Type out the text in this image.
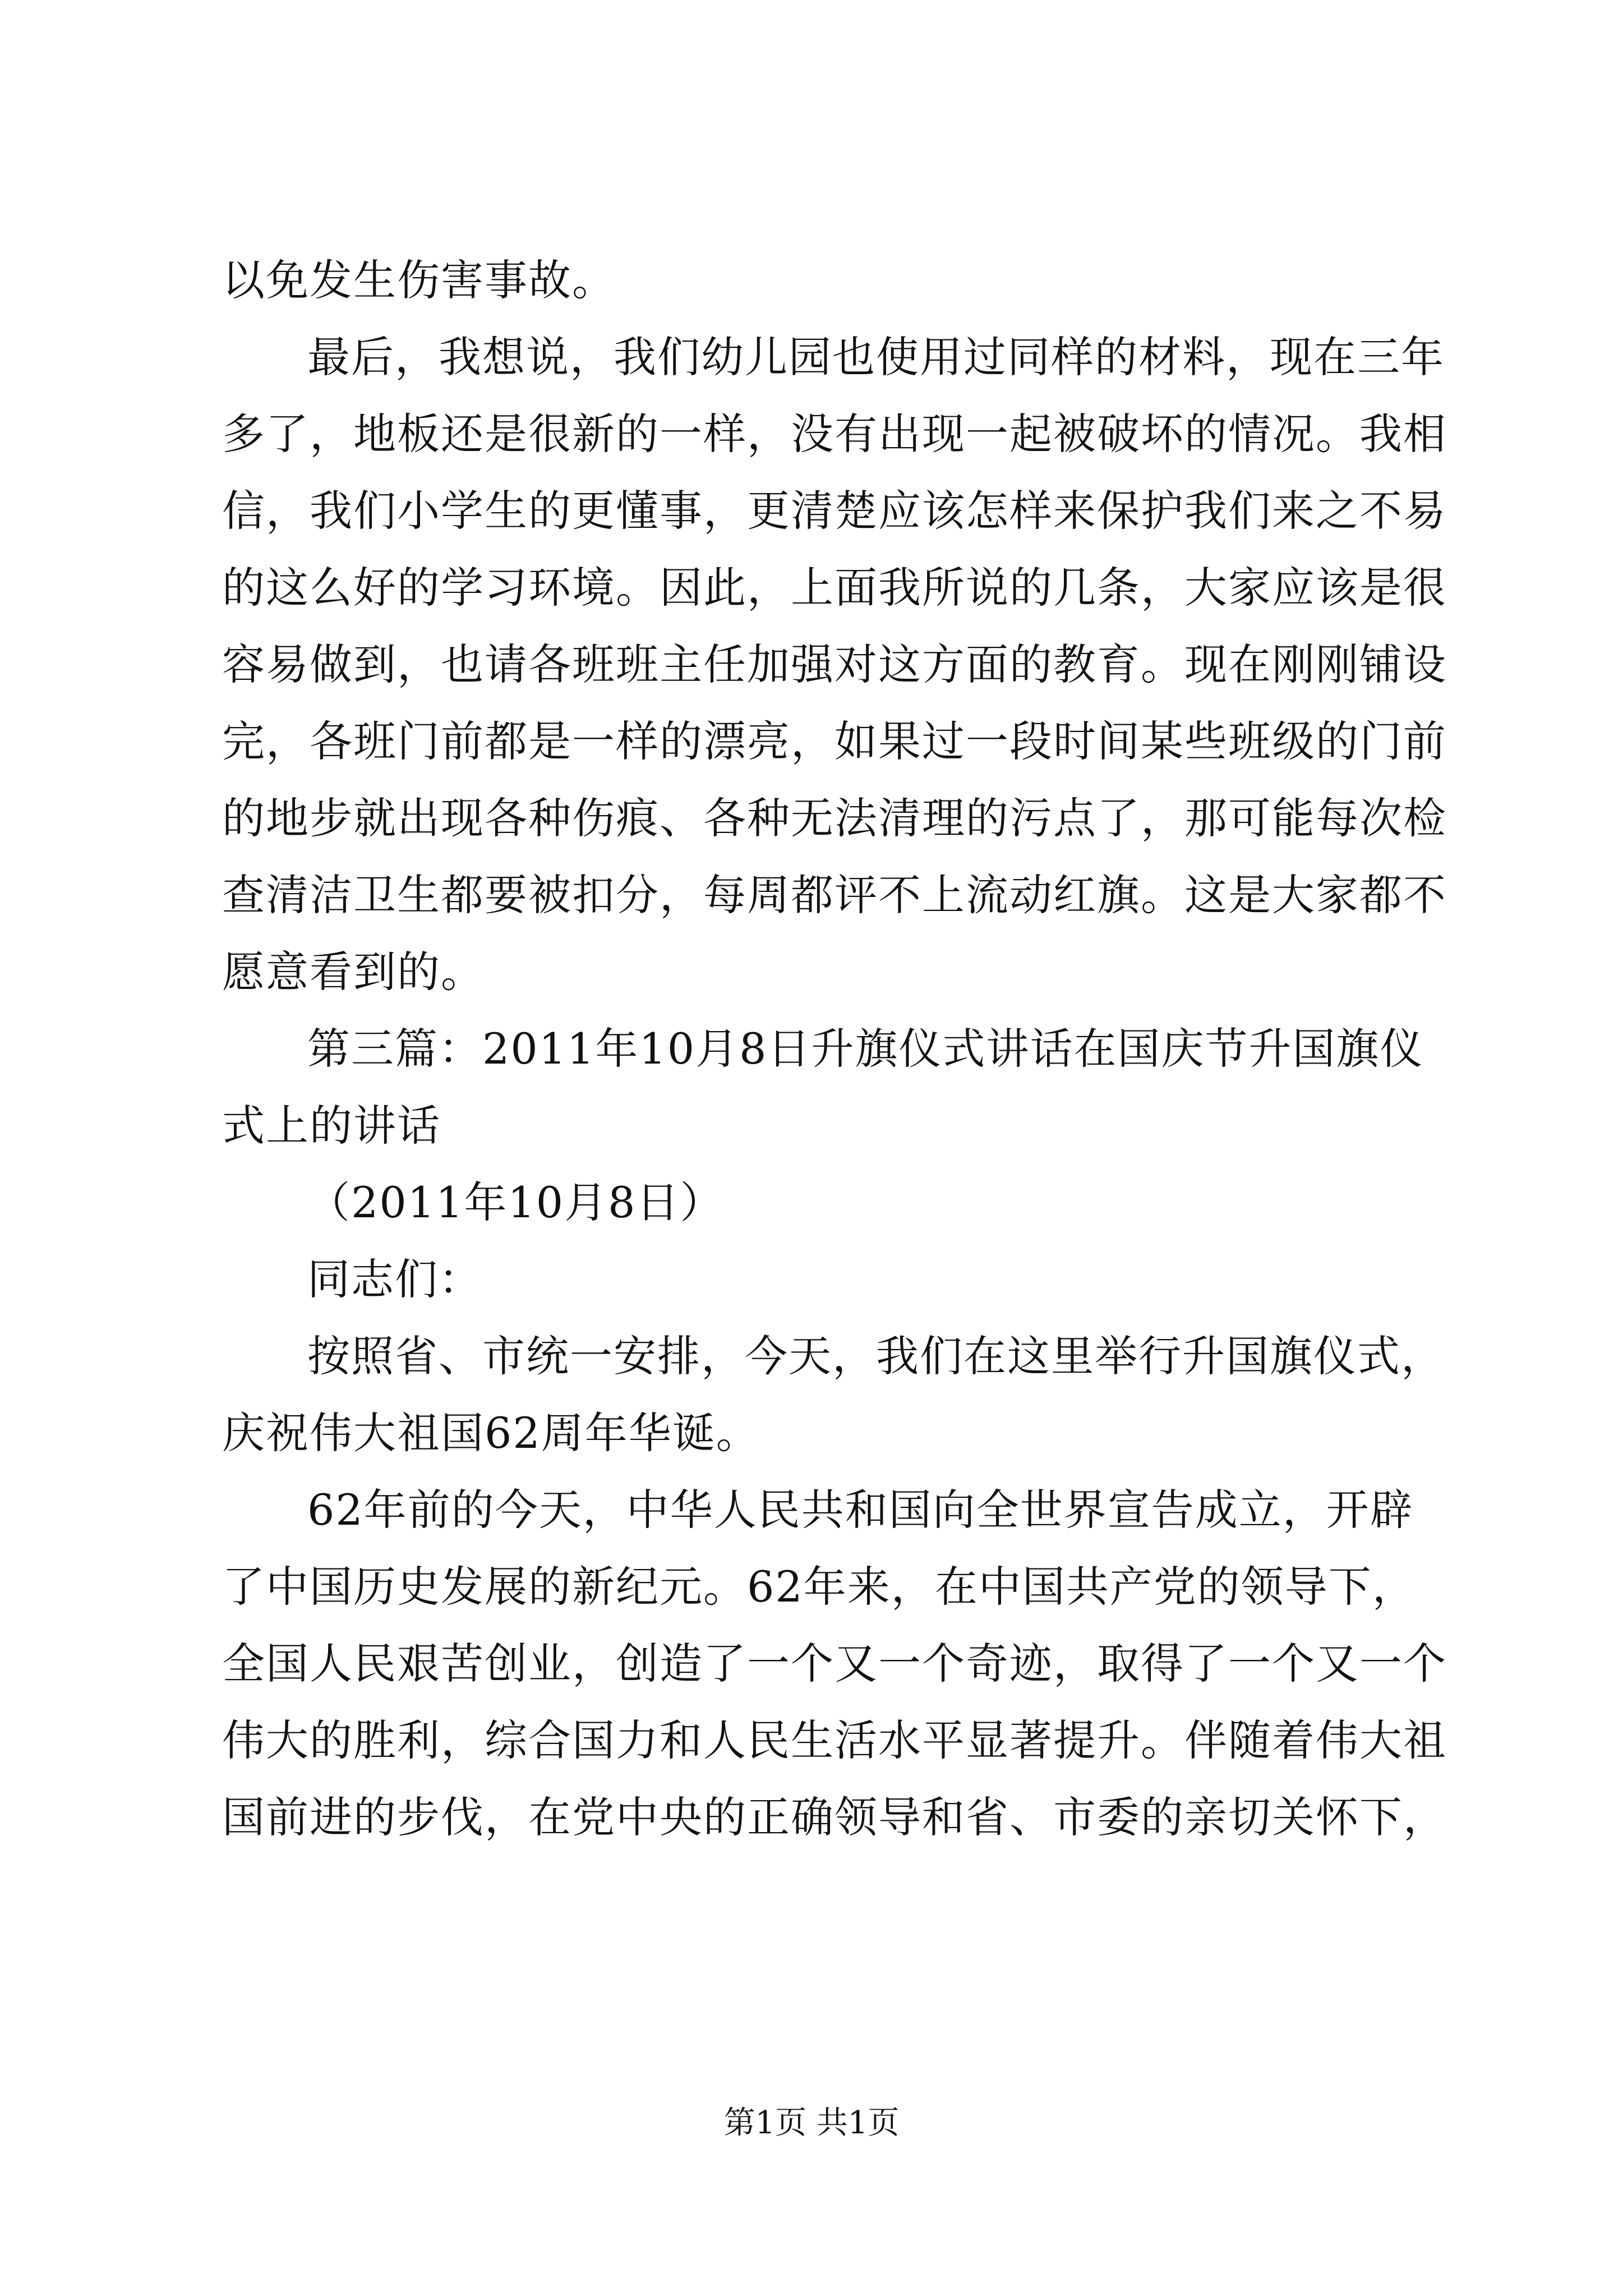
以免发生伤害事故。
最后，我想说，我们幼儿园也使用过同样的材料，现在三年
多了，地板还是很新的一样，没有出现一起被破坏的情况。我相
信，我们小学生的更懂事，更清楚应该怎样来保护我们来之不易
的这么好的学习环境。因此，上面我所说的几条，大家应该是很
容易做到，也请各班班主任加强对这方面的教育。现在刚刚铺设
完，各班门前都是一样的漂亮，如果过一段时间某些班级的门前
的地步就出现各种伤痕、各种无法清理的污点了，那可能每次检
查清洁卫生都要被扣分，每周都评不上流动红旗。这是大家都不
愿意看到的。
第三篇：2011年10月8日升旗仪式讲话在国庆节升国旗仪
式上的讲话
（2011年10月8日）
同志们：
按照省、市统一安排，今天，我们在这里举行升国旗仪式，
庆祝伟大祖国62周年华诞。
62年前的今天，中华人民共和国向全世界宣告成立，开辟
了中国历史发展的新纪元。62年来，在中国共产党的领导下，
全国人民艰苦创业，创造了一个又一个奇迹，取得了一个又一个
伟大的胜利，综合国力和人民生活水平显著提升。伴随着伟大祖
国前进的步伐，在党中央的正确领导和省、市委的亲切关怀下，
第1页 共1页
